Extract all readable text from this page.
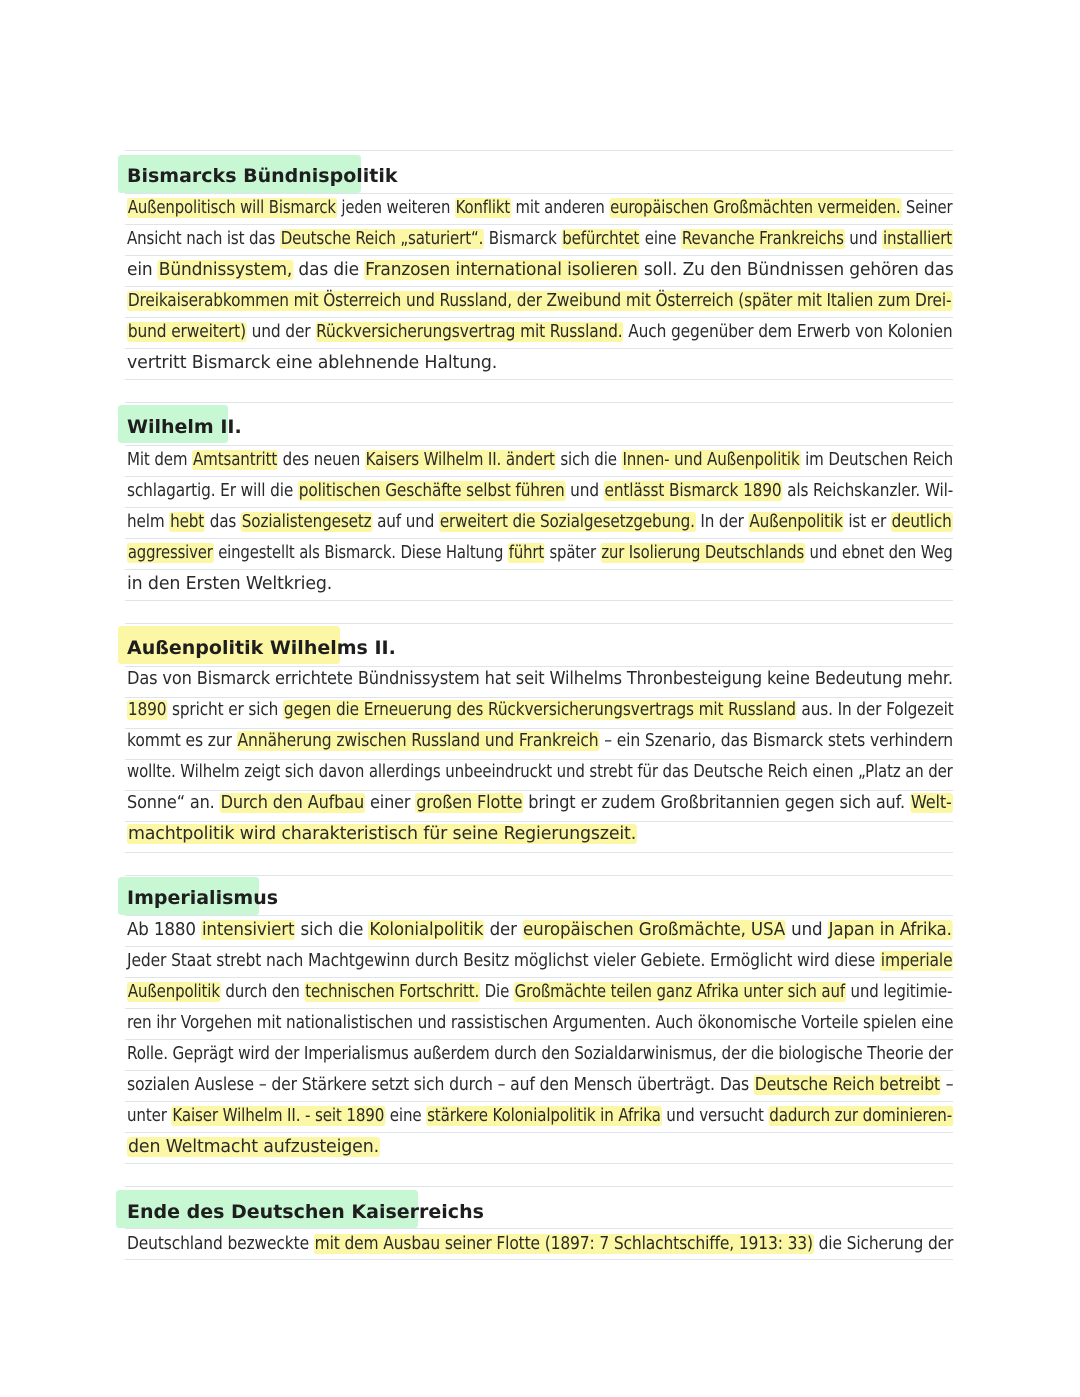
Bismarcks Bündnispolitik
Außenpolitisch will Bismarck jeden weiteren Konflikt mit anderen europäischen Großmächten vermeiden. Seiner
Ansicht nach ist das Deutsche Reich „saturiert“. Bismarck befürchtet eine Revanche Frankreichs und installiert
ein Bündnissystem, das die Franzosen international isolieren soll. Zu den Bündnissen gehören das
Dreikaiserabkommen mit Österreich und Russland, der Zweibund mit Österreich (später mit Italien zum Drei-
bund erweitert) und der Rückversicherungsvertrag mit Russland. Auch gegenüber dem Erwerb von Kolonien
vertritt Bismarck eine ablehnende Haltung.
Wilhelm II.
Mit dem Amtsantritt des neuen Kaisers Wilhelm II. ändert sich die Innen- und Außenpolitik im Deutschen Reich
schlagartig. Er will die politischen Geschäfte selbst führen und entlässt Bismarck 1890 als Reichskanzler. Wil-
helm hebt das Sozialistengesetz auf und erweitert die Sozialgesetzgebung. In der Außenpolitik ist er deutlich
aggressiver eingestellt als Bismarck. Diese Haltung führt später zur Isolierung Deutschlands und ebnet den Weg
in den Ersten Weltkrieg.
Außenpolitik Wilhelms II.
Das von Bismarck errichtete Bündnissystem hat seit Wilhelms Thronbesteigung keine Bedeutung mehr.
1890 spricht er sich gegen die Erneuerung des Rückversicherungsvertrags mit Russland aus. In der Folgezeit
kommt es zur Annäherung zwischen Russland und Frankreich – ein Szenario, das Bismarck stets verhindern
wollte. Wilhelm zeigt sich davon allerdings unbeeindruckt und strebt für das Deutsche Reich einen „Platz an der
Sonne“ an. Durch den Aufbau einer großen Flotte bringt er zudem Großbritannien gegen sich auf. Welt-
machtpolitik wird charakteristisch für seine Regierungszeit.
Imperialismus
Ab 1880 intensiviert sich die Kolonialpolitik der europäischen Großmächte, USA und Japan in Afrika.
Jeder Staat strebt nach Machtgewinn durch Besitz möglichst vieler Gebiete. Ermöglicht wird diese imperiale
Außenpolitik durch den technischen Fortschritt. Die Großmächte teilen ganz Afrika unter sich auf und legitimie-
ren ihr Vorgehen mit nationalistischen und rassistischen Argumenten. Auch ökonomische Vorteile spielen eine
Rolle. Geprägt wird der Imperialismus außerdem durch den Sozialdarwinismus, der die biologische Theorie der
sozialen Auslese – der Stärkere setzt sich durch – auf den Mensch überträgt. Das Deutsche Reich betreibt –
unter Kaiser Wilhelm II. - seit 1890 eine stärkere Kolonialpolitik in Afrika und versucht dadurch zur dominieren-
den Weltmacht aufzusteigen.
Ende des Deutschen Kaiserreichs
Deutschland bezweckte mit dem Ausbau seiner Flotte (1897: 7 Schlachtschiffe, 1913: 33) die Sicherung der
